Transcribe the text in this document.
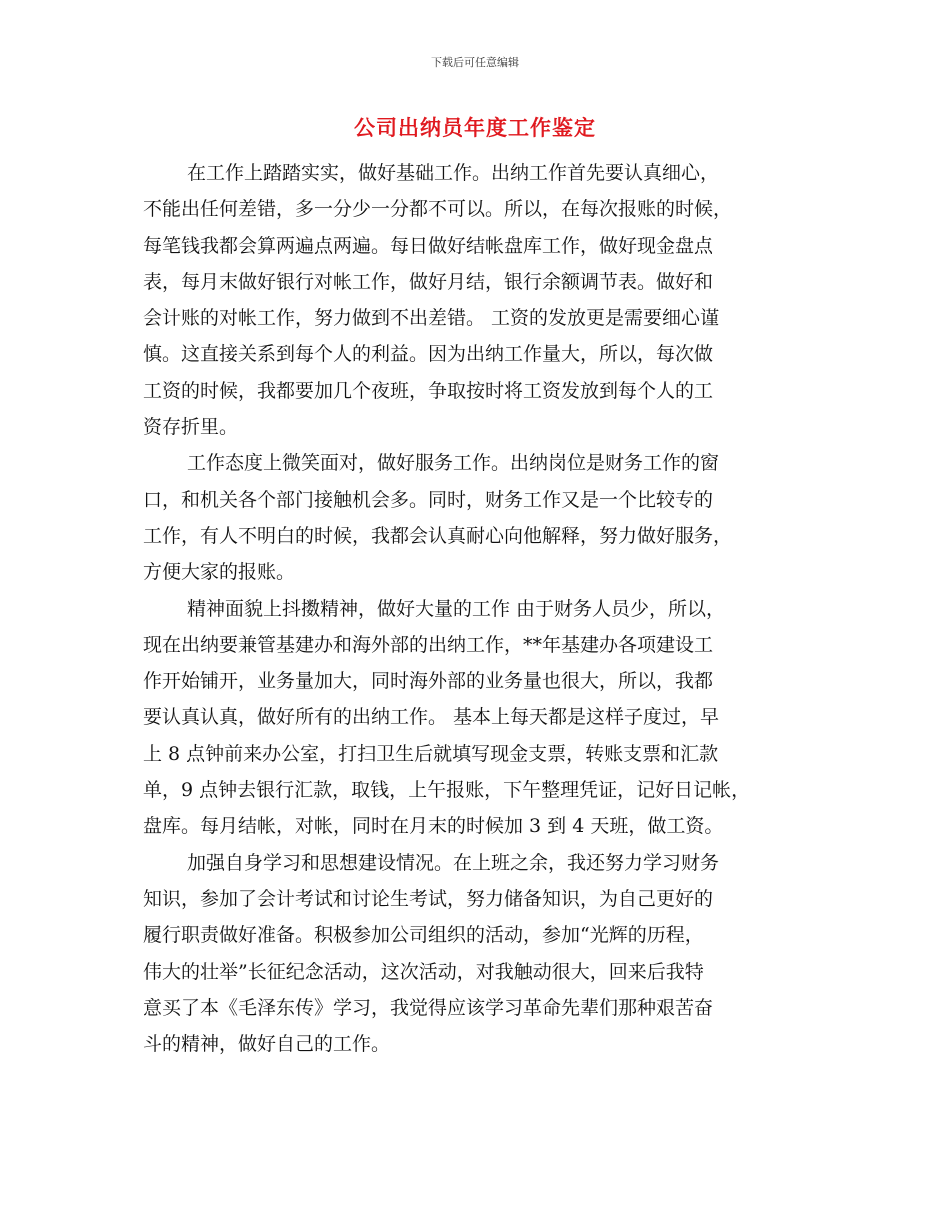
下载后可任意编辑
公司出纳员年度工作鉴定
在工作上踏踏实实，做好基础工作。出纳工作首先要认真细心，
不能出任何差错，多一分少一分都不可以。所以，在每次报账的时候，
每笔钱我都会算两遍点两遍。每日做好结帐盘库工作，做好现金盘点
表，每月末做好银行对帐工作，做好月结，银行余额调节表。做好和
会计账的对帐工作，努力做到不出差错。 工资的发放更是需要细心谨
慎。这直接关系到每个人的利益。因为出纳工作量大，所以，每次做
工资的时候，我都要加几个夜班，争取按时将工资发放到每个人的工
资存折里。
工作态度上微笑面对，做好服务工作。出纳岗位是财务工作的窗
口，和机关各个部门接触机会多。同时，财务工作又是一个比较专的
工作，有人不明白的时候，我都会认真耐心向他解释，努力做好服务，
方便大家的报账。
精神面貌上抖擞精神，做好大量的工作 由于财务人员少，所以，
现在出纳要兼管基建办和海外部的出纳工作，**年基建办各项建设工
作开始铺开，业务量加大，同时海外部的业务量也很大，所以，我都
要认真认真，做好所有的出纳工作。 基本上每天都是这样子度过，早
上 8 点钟前来办公室，打扫卫生后就填写现金支票，转账支票和汇款
单，9 点钟去银行汇款，取钱，上午报账，下午整理凭证，记好日记帐，
盘库。每月结帐，对帐，同时在月末的时候加 3 到 4 天班，做工资。
加强自身学习和思想建设情况。在上班之余，我还努力学习财务
知识，参加了会计考试和讨论生考试，努力储备知识，为自己更好的
履行职责做好准备。积极参加公司组织的活动，参加“光辉的历程，
伟大的壮举”长征纪念活动，这次活动，对我触动很大，回来后我特
意买了本《毛泽东传》学习，我觉得应该学习革命先辈们那种艰苦奋
斗的精神，做好自己的工作。
